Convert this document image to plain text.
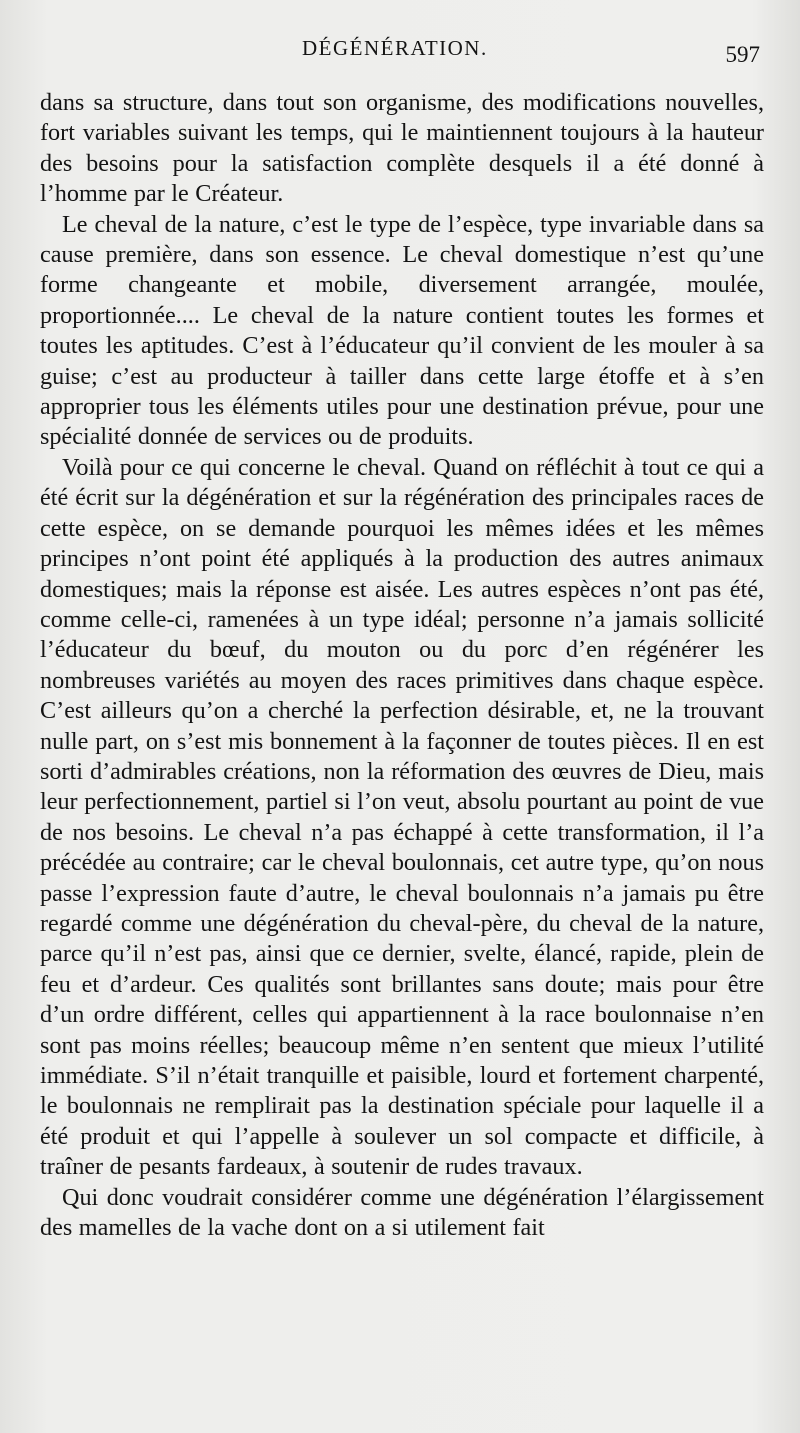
DÉGÉNÉRATION.	597

dans sa structure, dans tout son organisme, des modifications nouvelles, fort variables suivant les temps, qui le maintiennent toujours à la hauteur des besoins pour la satisfaction complète desquels il a été donné à l’homme par le Créateur.

Le cheval de la nature, c’est le type de l’espèce, type invariable dans sa cause première, dans son essence. Le cheval domestique n’est qu’une forme changeante et mobile, diversement arrangée, moulée, proportionnée.... Le cheval de la nature contient toutes les formes et toutes les aptitudes. C’est à l’éducateur qu’il convient de les mouler à sa guise; c’est au producteur à tailler dans cette large étoffe et à s’en approprier tous les éléments utiles pour une destination prévue, pour une spécialité donnée de services ou de produits.

Voilà pour ce qui concerne le cheval. Quand on réfléchit à tout ce qui a été écrit sur la dégénération et sur la régénération des principales races de cette espèce, on se demande pourquoi les mêmes idées et les mêmes principes n’ont point été appliqués à la production des autres animaux domestiques; mais la réponse est aisée. Les autres espèces n’ont pas été, comme celle-ci, ramenées à un type idéal; personne n’a jamais sollicité l’éducateur du bœuf, du mouton ou du porc d’en régénérer les nombreuses variétés au moyen des races primitives dans chaque espèce. C’est ailleurs qu’on a cherché la perfection désirable, et, ne la trouvant nulle part, on s’est mis bonnement à la façonner de toutes pièces. Il en est sorti d’admirables créations, non la réformation des œuvres de Dieu, mais leur perfectionnement, partiel si l’on veut, absolu pourtant au point de vue de nos besoins. Le cheval n’a pas échappé à cette transformation, il l’a précédée au contraire; car le cheval boulonnais, cet autre type, qu’on nous passe l’expression faute d’autre, le cheval boulonnais n’a jamais pu être regardé comme une dégénération du cheval-père, du cheval de la nature, parce qu’il n’est pas, ainsi que ce dernier, svelte, élancé, rapide, plein de feu et d’ardeur. Ces qualités sont brillantes sans doute; mais pour être d’un ordre différent, celles qui appartiennent à la race boulonnaise n’en sont pas moins réelles; beaucoup même n’en sentent que mieux l’utilité immédiate. S’il n’était tranquille et paisible, lourd et fortement charpenté, le boulonnais ne remplirait pas la destination spéciale pour laquelle il a été produit et qui l’appelle à soulever un sol compacte et difficile, à traîner de pesants fardeaux, à soutenir de rudes travaux.

Qui donc voudrait considérer comme une dégénération l’élargissement des mamelles de la vache dont on a si utilement fait
